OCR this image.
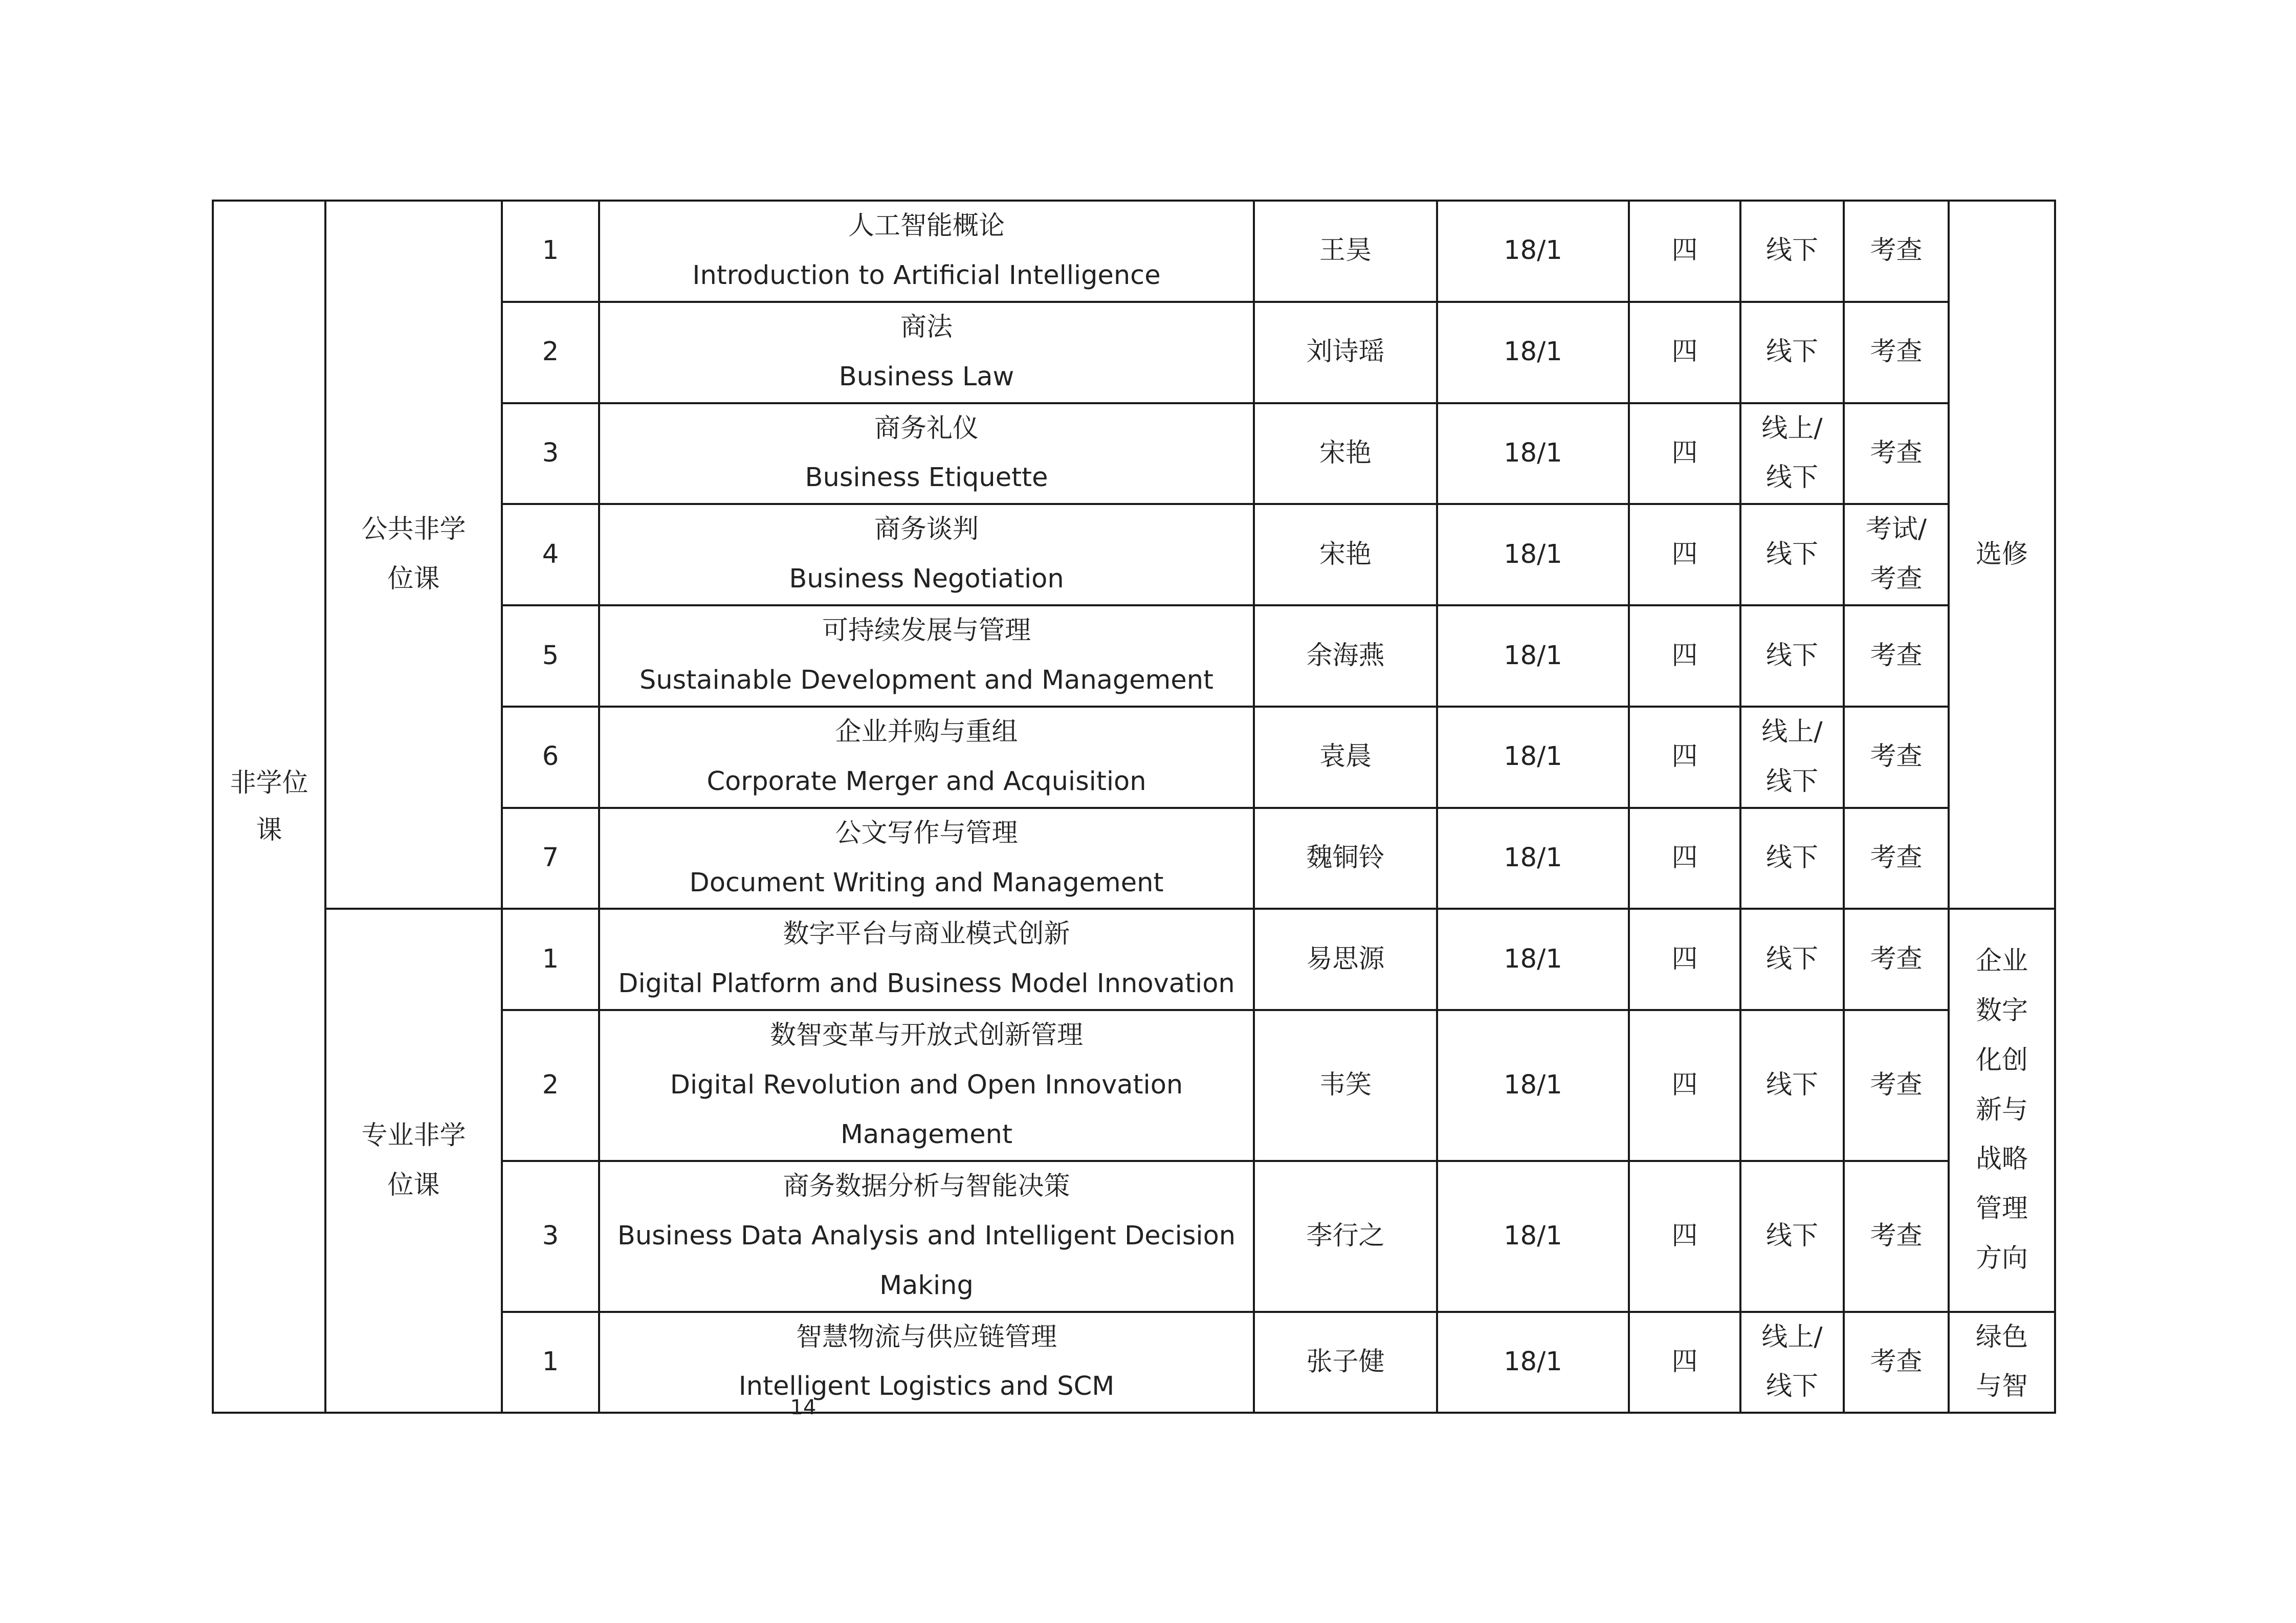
非学位课	公共非学位课	1	人工智能概论
Introduction to Artificial Intelligence	王昊	18/1	四	线下	考查	选修
		2	商法
Business Law	刘诗瑶	18/1	四	线下	考查	
		3	商务礼仪
Business Etiquette	宋艳	18/1	四	线上/线下	考查	
		4	商务谈判
Business Negotiation	宋艳	18/1	四	线下	考试/考查	
		5	可持续发展与管理
Sustainable Development and Management	余海燕	18/1	四	线下	考查	
		6	企业并购与重组
Corporate Merger and Acquisition	袁晨	18/1	四	线上/线下	考查	
		7	公文写作与管理
Document Writing and Management	魏铜铃	18/1	四	线下	考查	
	专业非学位课	1	数字平台与商业模式创新
Digital Platform and Business Model Innovation	易思源	18/1	四	线下	考查	企业数字化创新与战略管理方向
		2	数智变革与开放式创新管理
Digital Revolution and Open Innovation Management	韦笑	18/1	四	线下	考查	
		3	商务数据分析与智能决策
Business Data Analysis and Intelligent Decision Making	李行之	18/1	四	线下	考查	
		1	智慧物流与供应链管理
Intelligent Logistics and SCM	张子健	18/1	四	线上/线下	考查	绿色与智
14
